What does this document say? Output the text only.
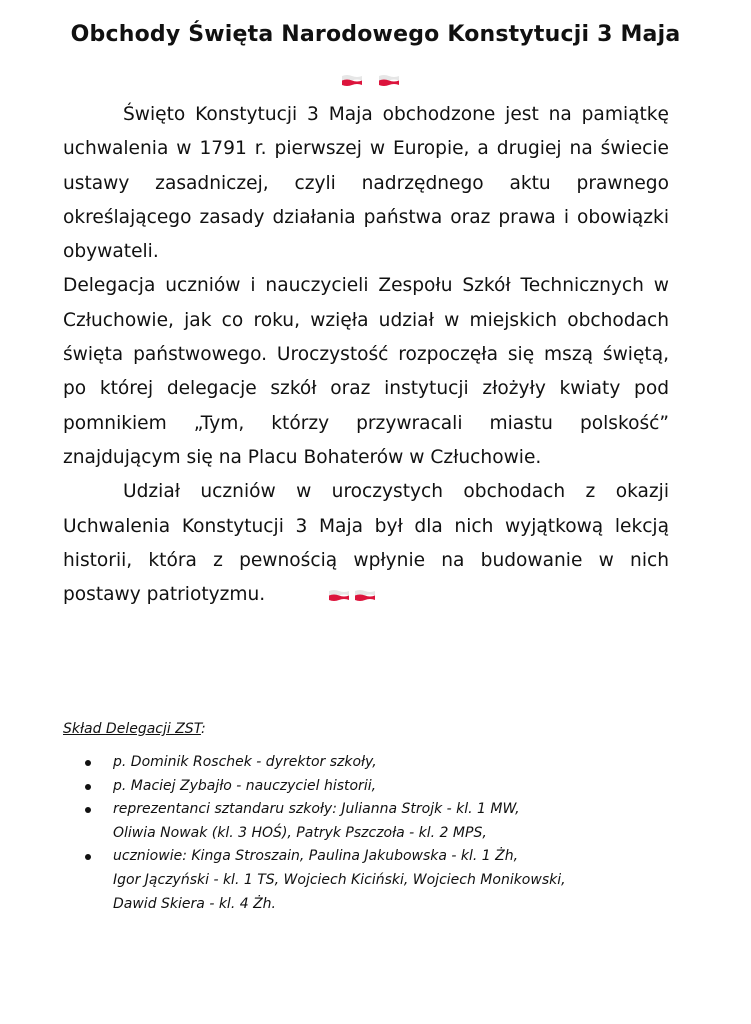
Obchody Święta Narodowego Konstytucji 3 Maja

Święto Konstytucji 3 Maja obchodzone jest na pamiątkę uchwalenia w 1791 r. pierwszej w Europie, a drugiej na świecie ustawy zasadniczej, czyli nadrzędnego aktu prawnego określającego zasady działania państwa oraz prawa i obowiązki obywateli.

Delegacja uczniów i nauczycieli Zespołu Szkół Technicznych w Człuchowie, jak co roku, wzięła udział w miejskich obchodach święta państwowego. Uroczystość rozpoczęła się mszą świętą, po której delegacje szkół oraz instytucji złożyły kwiaty pod pomnikiem „Tym, którzy przywracali miastu polskość” znajdującym się na Placu Bohaterów w Człuchowie.

Udział uczniów w uroczystych obchodach z okazji Uchwalenia Konstytucji 3 Maja był dla nich wyjątkową lekcją historii, która z pewnością wpłynie na budowanie w nich postawy patriotyzmu.

Skład Delegacji ZST:

p. Dominik Roschek - dyrektor szkoły,
p. Maciej Zybajło - nauczyciel historii,
reprezentanci sztandaru szkoły: Julianna Strojk - kl. 1 MW,
Oliwia Nowak (kl. 3 HOŚ), Patryk Pszczoła - kl. 2 MPS,
uczniowie: Kinga Stroszain, Paulina Jakubowska - kl. 1 Żh,
Igor Jączyński - kl. 1 TS, Wojciech Kiciński, Wojciech Monikowski,
Dawid Skiera - kl. 4 Żh.
